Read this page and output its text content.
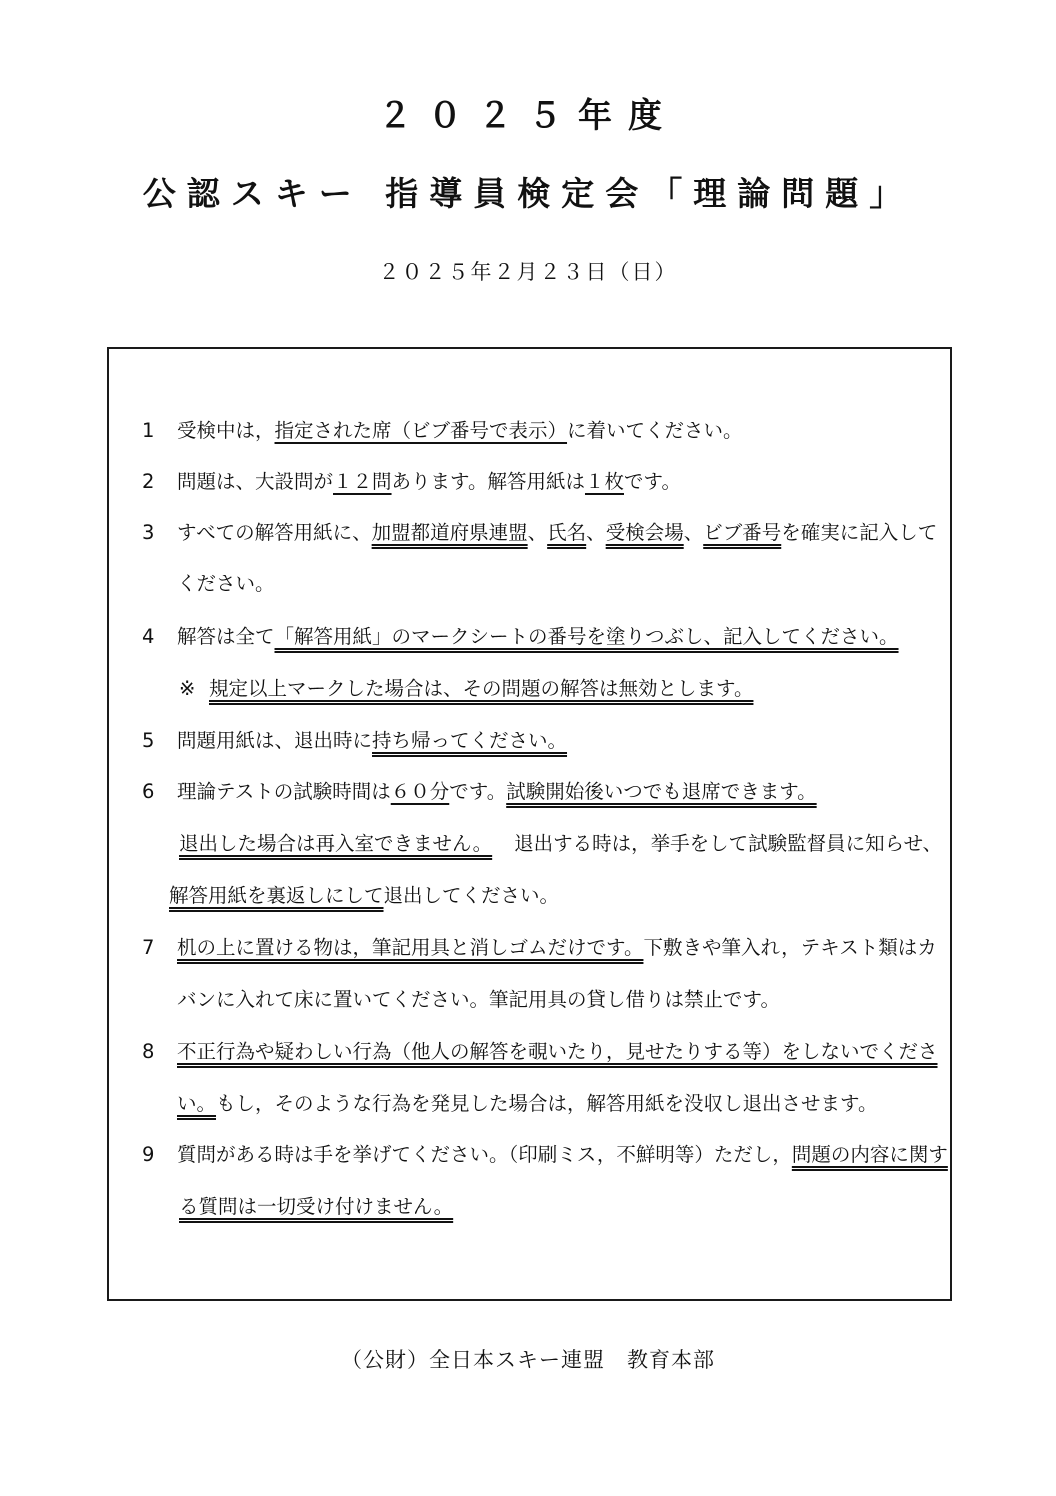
２０２５年度
公認スキー 指導員検定会「理論問題」
２０２５年２月２３日（日）
1	受検中は，指定された席（ビブ番号で表示）に着いてください。
2	問題は、大設問が１２問あります。解答用紙は１枚です。
3	すべての解答用紙に、加盟都道府県連盟、氏名、受検会場、ビブ番号を確実に記入して
ください。
4	解答は全て「解答用紙」のマークシートの番号を塗りつぶし、記入してください。
※ 規定以上マークした場合は、その問題の解答は無効とします。
5	問題用紙は、退出時に持ち帰ってください。
6	理論テストの試験時間は６０分です。試験開始後いつでも退席できます。
退出した場合は再入室できません。 退出する時は，挙手をして試験監督員に知らせ、
解答用紙を裏返しにして退出してください。
7	机の上に置ける物は，筆記用具と消しゴムだけです。下敷きや筆入れ，テキスト類はカ
バンに入れて床に置いてください。筆記用具の貸し借りは禁止です。
8	不正行為や疑わしい行為（他人の解答を覗いたり，見せたりする等）をしないでくださ
い。もし，そのような行為を発見した場合は，解答用紙を没収し退出させます。
9	質問がある時は手を挙げてください。（印刷ミス，不鮮明等）ただし，問題の内容に関す
る質問は一切受け付けません。
（公財）全日本スキー連盟　教育本部
